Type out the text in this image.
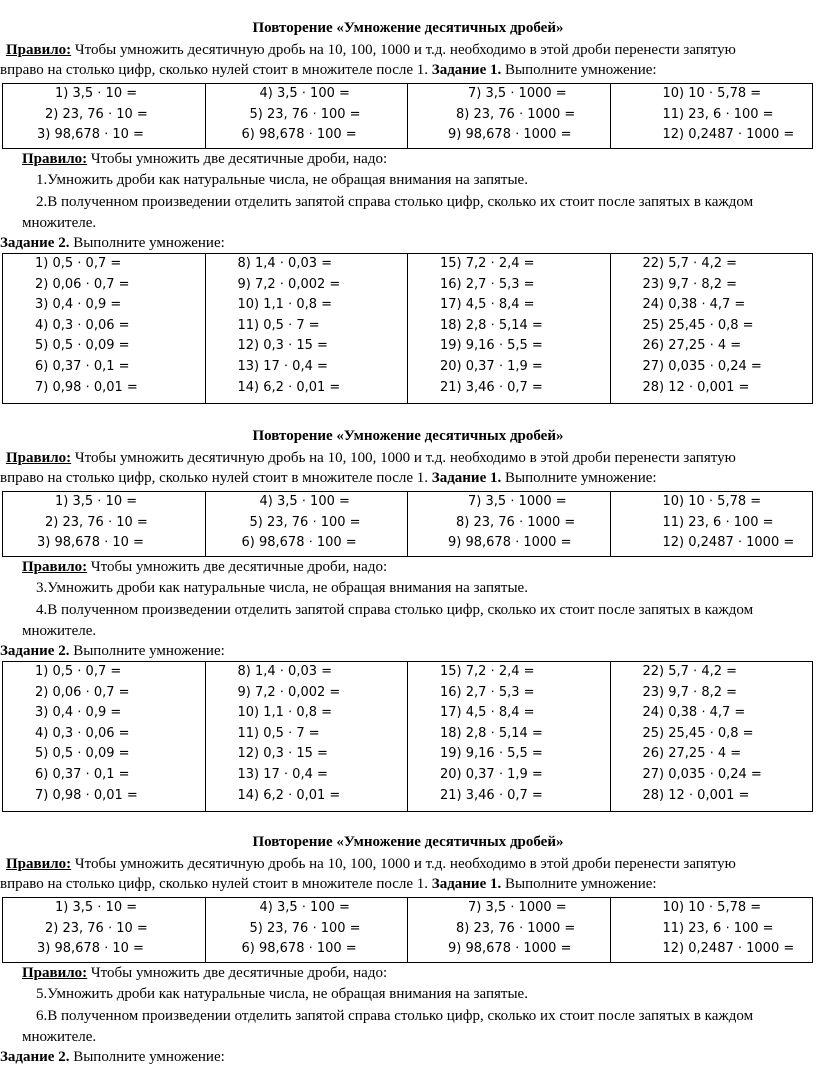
Повторение «Умножение десятичных дробей»
Правило: Чтобы умножить десятичную дробь на 10, 100, 1000 и т.д. необходимо в этой дроби перенести запятую
вправо на столько цифр, сколько нулей стоит в множителе после 1. Задание 1. Выполните умножение:
1) 3,5 ⋅ 10 =
2) 23, 76 ⋅ 10 =
3) 98,678 ⋅ 10 =

4) 3,5 ⋅ 100 =
5) 23, 76 ⋅ 100 =
6) 98,678 ⋅ 100 =

7) 3,5 ⋅ 1000 =
8) 23, 76 ⋅ 1000 =
9) 98,678 ⋅ 1000 =

10) 10 ⋅ 5,78 =
11) 23, 6 ⋅ 100 =
12) 0,2487 ⋅ 1000 =
Правило: Чтобы умножить две десятичные дроби, надо:
1.Умножить дроби как натуральные числа, не обращая внимания на запятые.
2.В полученном произведении отделить запятой справа столько цифр, сколько их стоит после запятых в каждом
множителе.
Задание 2. Выполните умножение:
1) 0,5 ⋅ 0,7 =
2) 0,06 ⋅ 0,7 =
3) 0,4 ⋅ 0,9 =
4) 0,3 ⋅ 0,06 =
5) 0,5 ⋅ 0,09 =
6) 0,37 ⋅ 0,1 =
7) 0,98 ⋅ 0,01 =

8) 1,4 ⋅ 0,03 =
9) 7,2 ⋅ 0,002 =
10) 1,1 ⋅ 0,8 =
11) 0,5 ⋅ 7 =
12) 0,3 ⋅ 15 =
13) 17 ⋅ 0,4 =
14) 6,2 ⋅ 0,01 =

15) 7,2 ⋅ 2,4 =
16) 2,7 ⋅ 5,3 =
17) 4,5 ⋅ 8,4 =
18) 2,8 ⋅ 5,14 =
19) 9,16 ⋅ 5,5 =
20) 0,37 ⋅ 1,9 =
21) 3,46 ⋅ 0,7 =

22) 5,7 ⋅ 4,2 =
23) 9,7 ⋅ 8,2 =
24) 0,38 ⋅ 4,7 =
25) 25,45 ⋅ 0,8 =
26) 27,25 ⋅ 4 =
27) 0,035 ⋅ 0,24 =
28) 12 ⋅ 0,001 =
Повторение «Умножение десятичных дробей»
Правило: Чтобы умножить десятичную дробь на 10, 100, 1000 и т.д. необходимо в этой дроби перенести запятую
вправо на столько цифр, сколько нулей стоит в множителе после 1. Задание 1. Выполните умножение:
1) 3,5 ⋅ 10 =
2) 23, 76 ⋅ 10 =
3) 98,678 ⋅ 10 =

4) 3,5 ⋅ 100 =
5) 23, 76 ⋅ 100 =
6) 98,678 ⋅ 100 =

7) 3,5 ⋅ 1000 =
8) 23, 76 ⋅ 1000 =
9) 98,678 ⋅ 1000 =

10) 10 ⋅ 5,78 =
11) 23, 6 ⋅ 100 =
12) 0,2487 ⋅ 1000 =
Правило: Чтобы умножить две десятичные дроби, надо:
3.Умножить дроби как натуральные числа, не обращая внимания на запятые.
4.В полученном произведении отделить запятой справа столько цифр, сколько их стоит после запятых в каждом
множителе.
Задание 2. Выполните умножение:
1) 0,5 ⋅ 0,7 =
2) 0,06 ⋅ 0,7 =
3) 0,4 ⋅ 0,9 =
4) 0,3 ⋅ 0,06 =
5) 0,5 ⋅ 0,09 =
6) 0,37 ⋅ 0,1 =
7) 0,98 ⋅ 0,01 =

8) 1,4 ⋅ 0,03 =
9) 7,2 ⋅ 0,002 =
10) 1,1 ⋅ 0,8 =
11) 0,5 ⋅ 7 =
12) 0,3 ⋅ 15 =
13) 17 ⋅ 0,4 =
14) 6,2 ⋅ 0,01 =

15) 7,2 ⋅ 2,4 =
16) 2,7 ⋅ 5,3 =
17) 4,5 ⋅ 8,4 =
18) 2,8 ⋅ 5,14 =
19) 9,16 ⋅ 5,5 =
20) 0,37 ⋅ 1,9 =
21) 3,46 ⋅ 0,7 =

22) 5,7 ⋅ 4,2 =
23) 9,7 ⋅ 8,2 =
24) 0,38 ⋅ 4,7 =
25) 25,45 ⋅ 0,8 =
26) 27,25 ⋅ 4 =
27) 0,035 ⋅ 0,24 =
28) 12 ⋅ 0,001 =
Повторение «Умножение десятичных дробей»
Правило: Чтобы умножить десятичную дробь на 10, 100, 1000 и т.д. необходимо в этой дроби перенести запятую
вправо на столько цифр, сколько нулей стоит в множителе после 1. Задание 1. Выполните умножение:
1) 3,5 ⋅ 10 =
2) 23, 76 ⋅ 10 =
3) 98,678 ⋅ 10 =

4) 3,5 ⋅ 100 =
5) 23, 76 ⋅ 100 =
6) 98,678 ⋅ 100 =

7) 3,5 ⋅ 1000 =
8) 23, 76 ⋅ 1000 =
9) 98,678 ⋅ 1000 =

10) 10 ⋅ 5,78 =
11) 23, 6 ⋅ 100 =
12) 0,2487 ⋅ 1000 =
Правило: Чтобы умножить две десятичные дроби, надо:
5.Умножить дроби как натуральные числа, не обращая внимания на запятые.
6.В полученном произведении отделить запятой справа столько цифр, сколько их стоит после запятых в каждом
множителе.
Задание 2. Выполните умножение:
